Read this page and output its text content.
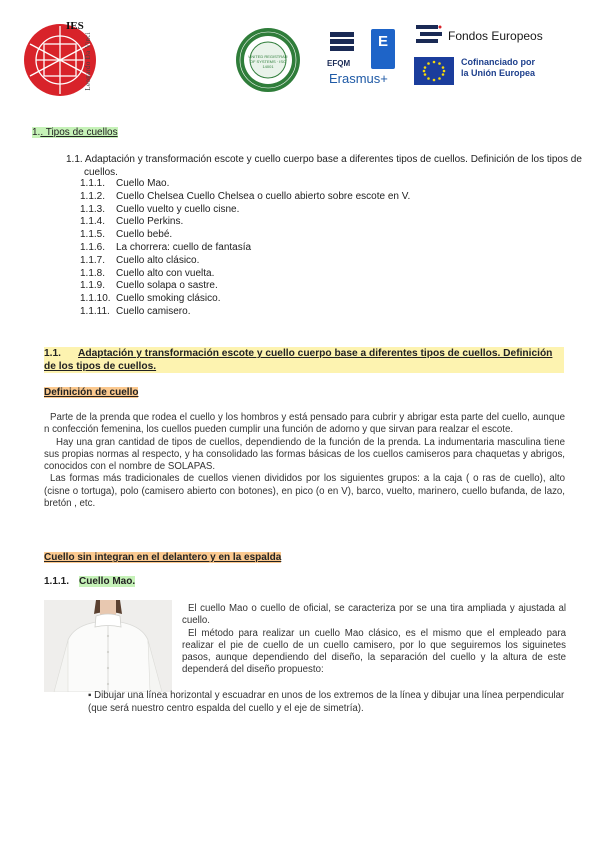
IES
Leonardo Da Vinci	UNITED REGISTRAR OF SYSTEMS · ISO 14001	EFQM
E
Erasmus+
Fondos Europeos
Cofinanciado por
la Unión Europea
1.. Tipos de cuellos
1.1. Adaptación y transformación escote y cuello cuerpo base a diferentes tipos de cuellos. Definición de los tipos de cuellos.
1.1.1. Cuello Mao.
1.1.2. Cuello Chelsea Cuello Chelsea o cuello abierto sobre escote en V.
1.1.3. Cuello vuelto y cuello cisne.
1.1.4. Cuello Perkins.
1.1.5. Cuello bebé.
1.1.6. La chorrera: cuello de fantasía
1.1.7. Cuello alto clásico.
1.1.8. Cuello alto con vuelta.
1.1.9. Cuello solapa o sastre.
1.1.10. Cuello smoking clásico.
1.1.11. Cuello camisero.
1.1. Adaptación y transformación escote y cuello cuerpo base a diferentes tipos de cuellos. Definición de los tipos de cuellos.
Definición de cuello
Parte de la prenda que rodea el cuello y los hombros y está pensado para cubrir y abrigar esta parte del cuello, aunque n confección femenina, los cuellos pueden cumplir una función de adorno y que sirvan para realzar el escote.
Hay una gran cantidad de tipos de cuellos, dependiendo de la función de la prenda. La indumentaria masculina tiene sus propias normas al respecto, y ha consolidado las formas básicas de los cuellos camiseros para chaquetas y abrigos, conocidos con el nombre de SOLAPAS.
Las formas más tradicionales de cuellos vienen divididos por los siguientes grupos: a la caja ( o ras de cuello), alto (cisne o tortuga), polo (camisero abierto con botones), en pico (o en V), barco, vuelto, marinero, cuello bufanda, de lazo, bretón , etc.
Cuello sin integran en el delantero y en la espalda
1.1.1. Cuello Mao.
El cuello Mao o cuello de oficial, se caracteriza por se una tira ampliada y ajustada al cuello.
El método para realizar un cuello Mao clásico, es el mismo que el empleado para realizar el pie de cuello de un cuello camisero, por lo que seguiremos los siguinetes pasos, aunque dependiendo del diseño, la separación del cuello y la altura de este dependerá del diseño propuesto:
▪ Dibujar una línea horizontal y escuadrar en unos de los extremos de la línea y dibujar una línea perpendicular (que será nuestro centro espalda del cuello y el eje de simetría).
